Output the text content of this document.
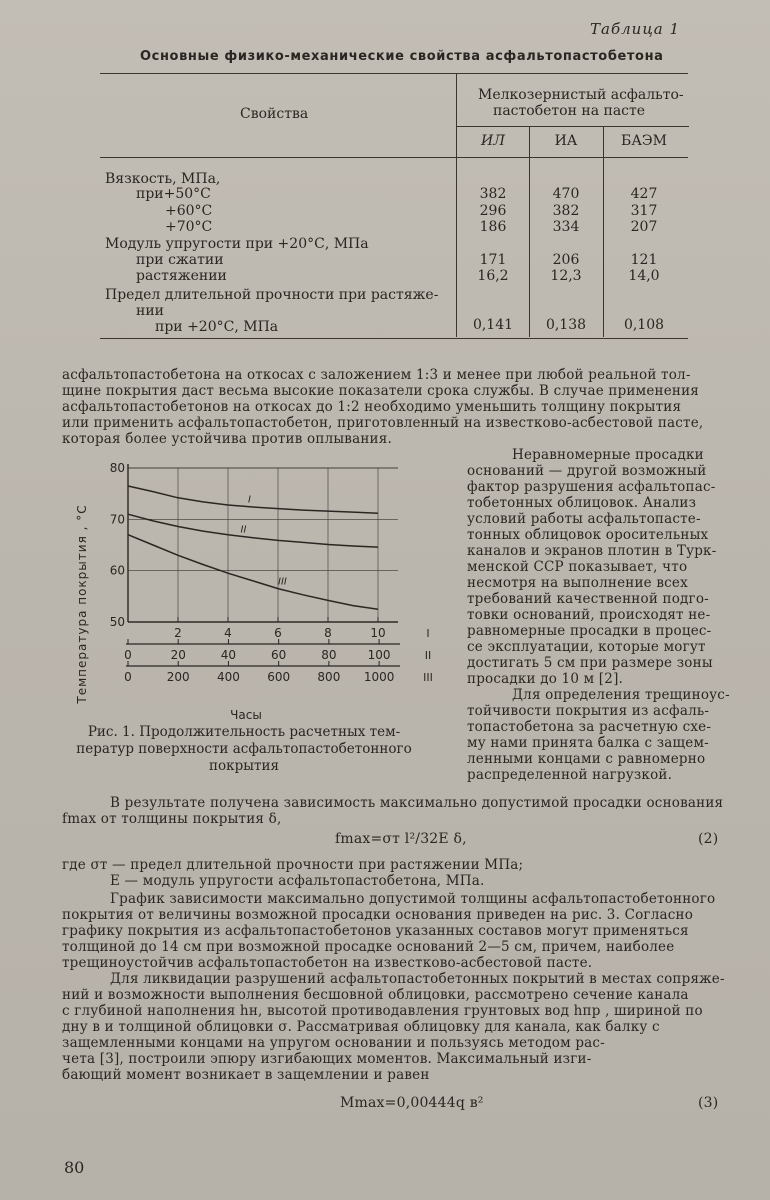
Таблица 1
Основные физико-механические свойства асфальтопастобетона
Свойства
Мелкозернистый асфальто-
пастобетон на пасте
ИЛ	ИА	БАЭМ
Вязкость, МПа,
при+50°С	382	470	427
+60°С	296	382	317
+70°С	186	334	207
Модуль упругости при +20°С, МПа
при сжатии	171	206	121
растяжении	16,2	12,3	14,0
Предел длительной прочности при растяже-
нии
при +20°С, МПа	0,141	0,138	0,108
асфальтопастобетона на откосах с заложением 1:3 и менее при любой реальной тол-
щине покрытия даст весьма высокие показатели срока службы. В случае применения
асфальтопастобетонов на откосах до 1:2 необходимо уменьшить толщину покрытия
или применить асфальтопастобетон, приготовленный на известково-асбестовой пасте,
которая более устойчива против оплывания.
Неравномерные просадки
оснований — другой возможный
фактор разрушения асфальтопас-
тобетонных облицовок. Анализ
условий работы асфальтопасте-
тонных облицовок оросительных
каналов и экранов плотин в Турк-
менской ССР показывает, что
несмотря на выполнение всех
требований качественной подго-
товки оснований, происходят не-
равномерные просадки в процес-
се эксплуатации, которые могут
достигать 5 см при размере зоны
просадки до 10 м [2].
Для определения трещиноус-
тойчивости покрытия из асфаль-
топастобетона за расчетную схе-
му нами принята балка с защем-
ленными концами с равномерно
распределенной нагрузкой.
I
II
III
80
70
60
50
2	4	6	8	10	I
0	20	40	60	80	100	II
0	200 400 600 800 1000	III
Температура покрытия , °С
Часы
Рис. 1. Продолжительность расчетных тем-
ператур поверхности асфальтопастобетонного
покрытия
В результате получена зависимость максимально допустимой просадки основания
fmax от толщины покрытия δ,
fmax=σт l²/32E δ,	(2)
где σт — предел длительной прочности при растяжении МПа;
E — модуль упругости асфальтопастобетона, МПа.
График зависимости максимально допустимой толщины асфальтопастобетонного
покрытия от величины возможной просадки основания приведен на рис. 3. Согласно
графику покрытия из асфальтопастобетонов указанных составов могут применяться
толщиной до 14 см при возможной просадке оснований 2—5 см, причем, наиболее
трещиноустойчив асфальтопастобетон на известково-асбестовой пасте.
Для ликвидации разрушений асфальтопастобетонных покрытий в местах сопряже-
ний и возможности выполнения бесшовной облицовки, рассмотрено сечение канала
с глубиной наполнения hн, высотой противодавления грунтовых вод hпр , шириной по
дну в и толщиной облицовки σ. Рассматривая облицовку для канала, как балку с
защемленными концами на упругом основании и пользуясь методом рас-
чета [3], построили эпюру изгибающих моментов. Максимальный изги-
бающий момент возникает в защемлении и равен
Mmax=0,00444q в²	(3)
80
